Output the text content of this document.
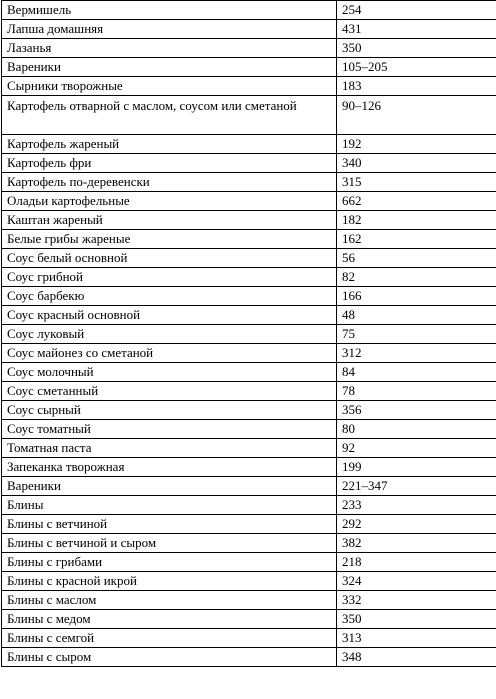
Вермишель	254
Лапша домашняя	431
Лазанья	350
Вареники	105–205
Сырники творожные	183
Картофель отварной с маслом, соусом или сметаной	90–126
Картофель жареный	192
Картофель фри	340
Картофель по-деревенски	315
Оладьи картофельные	662
Каштан жареный	182
Белые грибы жареные	162
Соус белый основной	56
Соус грибной	82
Соус барбекю	166
Соус красный основной	48
Соус луковый	75
Соус майонез со сметаной	312
Соус молочный	84
Соус сметанный	78
Соус сырный	356
Соус томатный	80
Томатная паста	92
Запеканка творожная	199
Вареники	221–347
Блины	233
Блины с ветчиной	292
Блины с ветчиной и сыром	382
Блины с грибами	218
Блины с красной икрой	324
Блины с маслом	332
Блины с медом	350
Блины с семгой	313
Блины с сыром	348
